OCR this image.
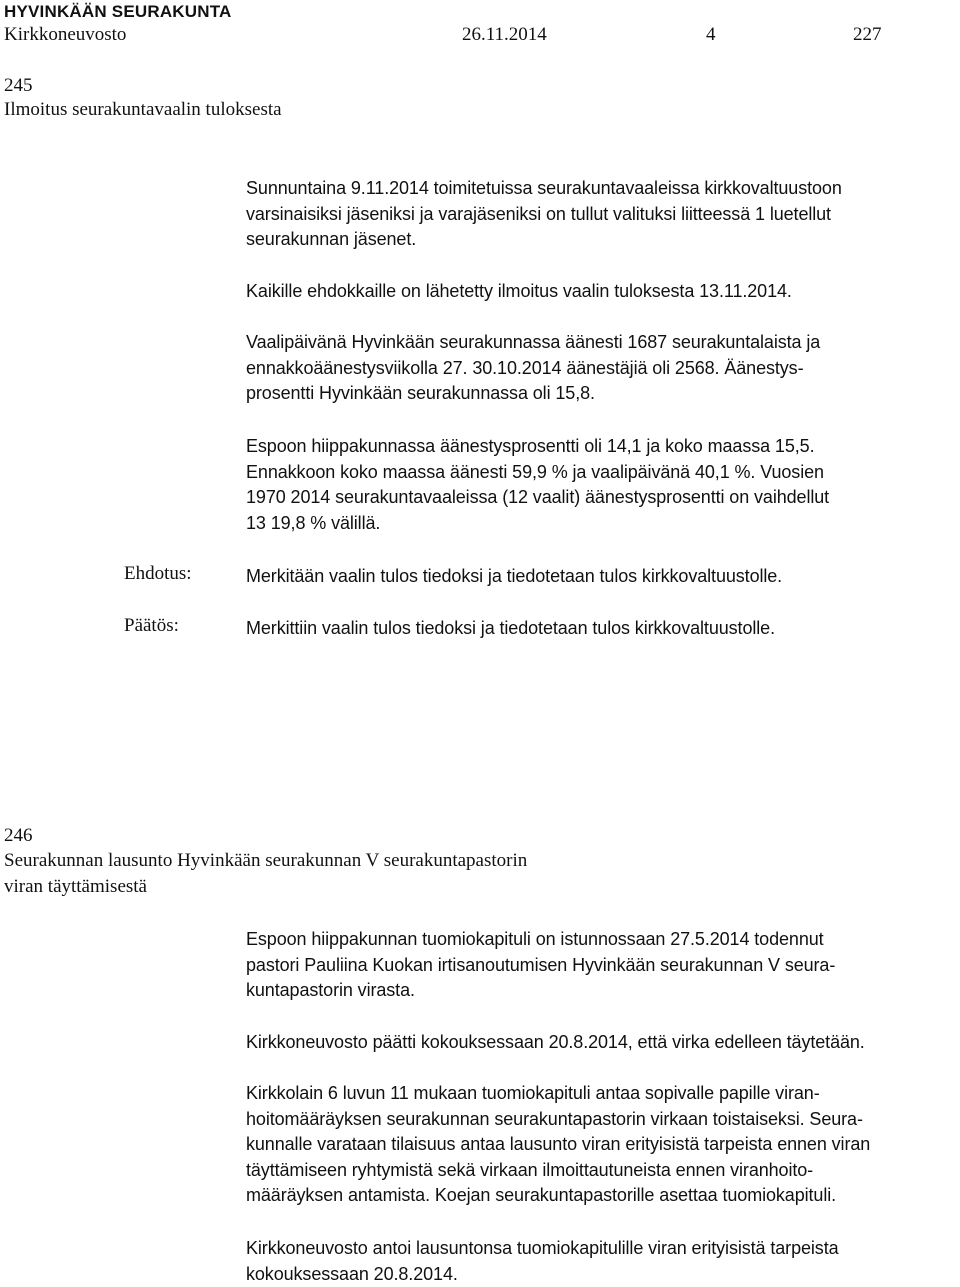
HYVINKÄÄN SEURAKUNTA
Kirkkoneuvosto	26.11.2014	4	227
245
Ilmoitus seurakuntavaalin tuloksesta
Sunnuntaina 9.11.2014 toimitetuissa seurakuntavaaleissa kirkkovaltuustoon
varsinaisiksi jäseniksi ja varajäseniksi on tullut valituksi liitteessä 1 luetellut
seurakunnan jäsenet.
Kaikille ehdokkaille on lähetetty ilmoitus vaalin tuloksesta 13.11.2014.
Vaalipäivänä Hyvinkään seurakunnassa äänesti 1687 seurakuntalaista ja
ennakkoäänestysviikolla 27. 30.10.2014 äänestäjiä oli 2568. Äänestys-
prosentti Hyvinkään seurakunnassa oli 15,8.
Espoon hiippakunnassa äänestysprosentti oli 14,1 ja koko maassa 15,5.
Ennakkoon koko maassa äänesti 59,9 % ja vaalipäivänä 40,1 %. Vuosien
1970 2014 seurakuntavaaleissa (12 vaalit) äänestysprosentti on vaihdellut
13 19,8 % välillä.
Ehdotus:	Merkitään vaalin tulos tiedoksi ja tiedotetaan tulos kirkkovaltuustolle.
Päätös:	Merkittiin vaalin tulos tiedoksi ja tiedotetaan tulos kirkkovaltuustolle.
246
Seurakunnan lausunto Hyvinkään seurakunnan V seurakuntapastorin
viran täyttämisestä
Espoon hiippakunnan tuomiokapituli on istunnossaan 27.5.2014 todennut
pastori Pauliina Kuokan irtisanoutumisen Hyvinkään seurakunnan V seura-
kuntapastorin virasta.
Kirkkoneuvosto päätti kokouksessaan 20.8.2014, että virka edelleen täytetään.
Kirkkolain 6 luvun 11 mukaan tuomiokapituli antaa sopivalle papille viran-
hoitomääräyksen seurakunnan seurakuntapastorin virkaan toistaiseksi. Seura-
kunnalle varataan tilaisuus antaa lausunto viran erityisistä tarpeista ennen viran
täyttämiseen ryhtymistä sekä virkaan ilmoittautuneista ennen viranhoito-
määräyksen antamista. Koejan seurakuntapastorille asettaa tuomiokapituli.
Kirkkoneuvosto antoi lausuntonsa tuomiokapitulille viran erityisistä tarpeista
kokouksessaan 20.8.2014.
